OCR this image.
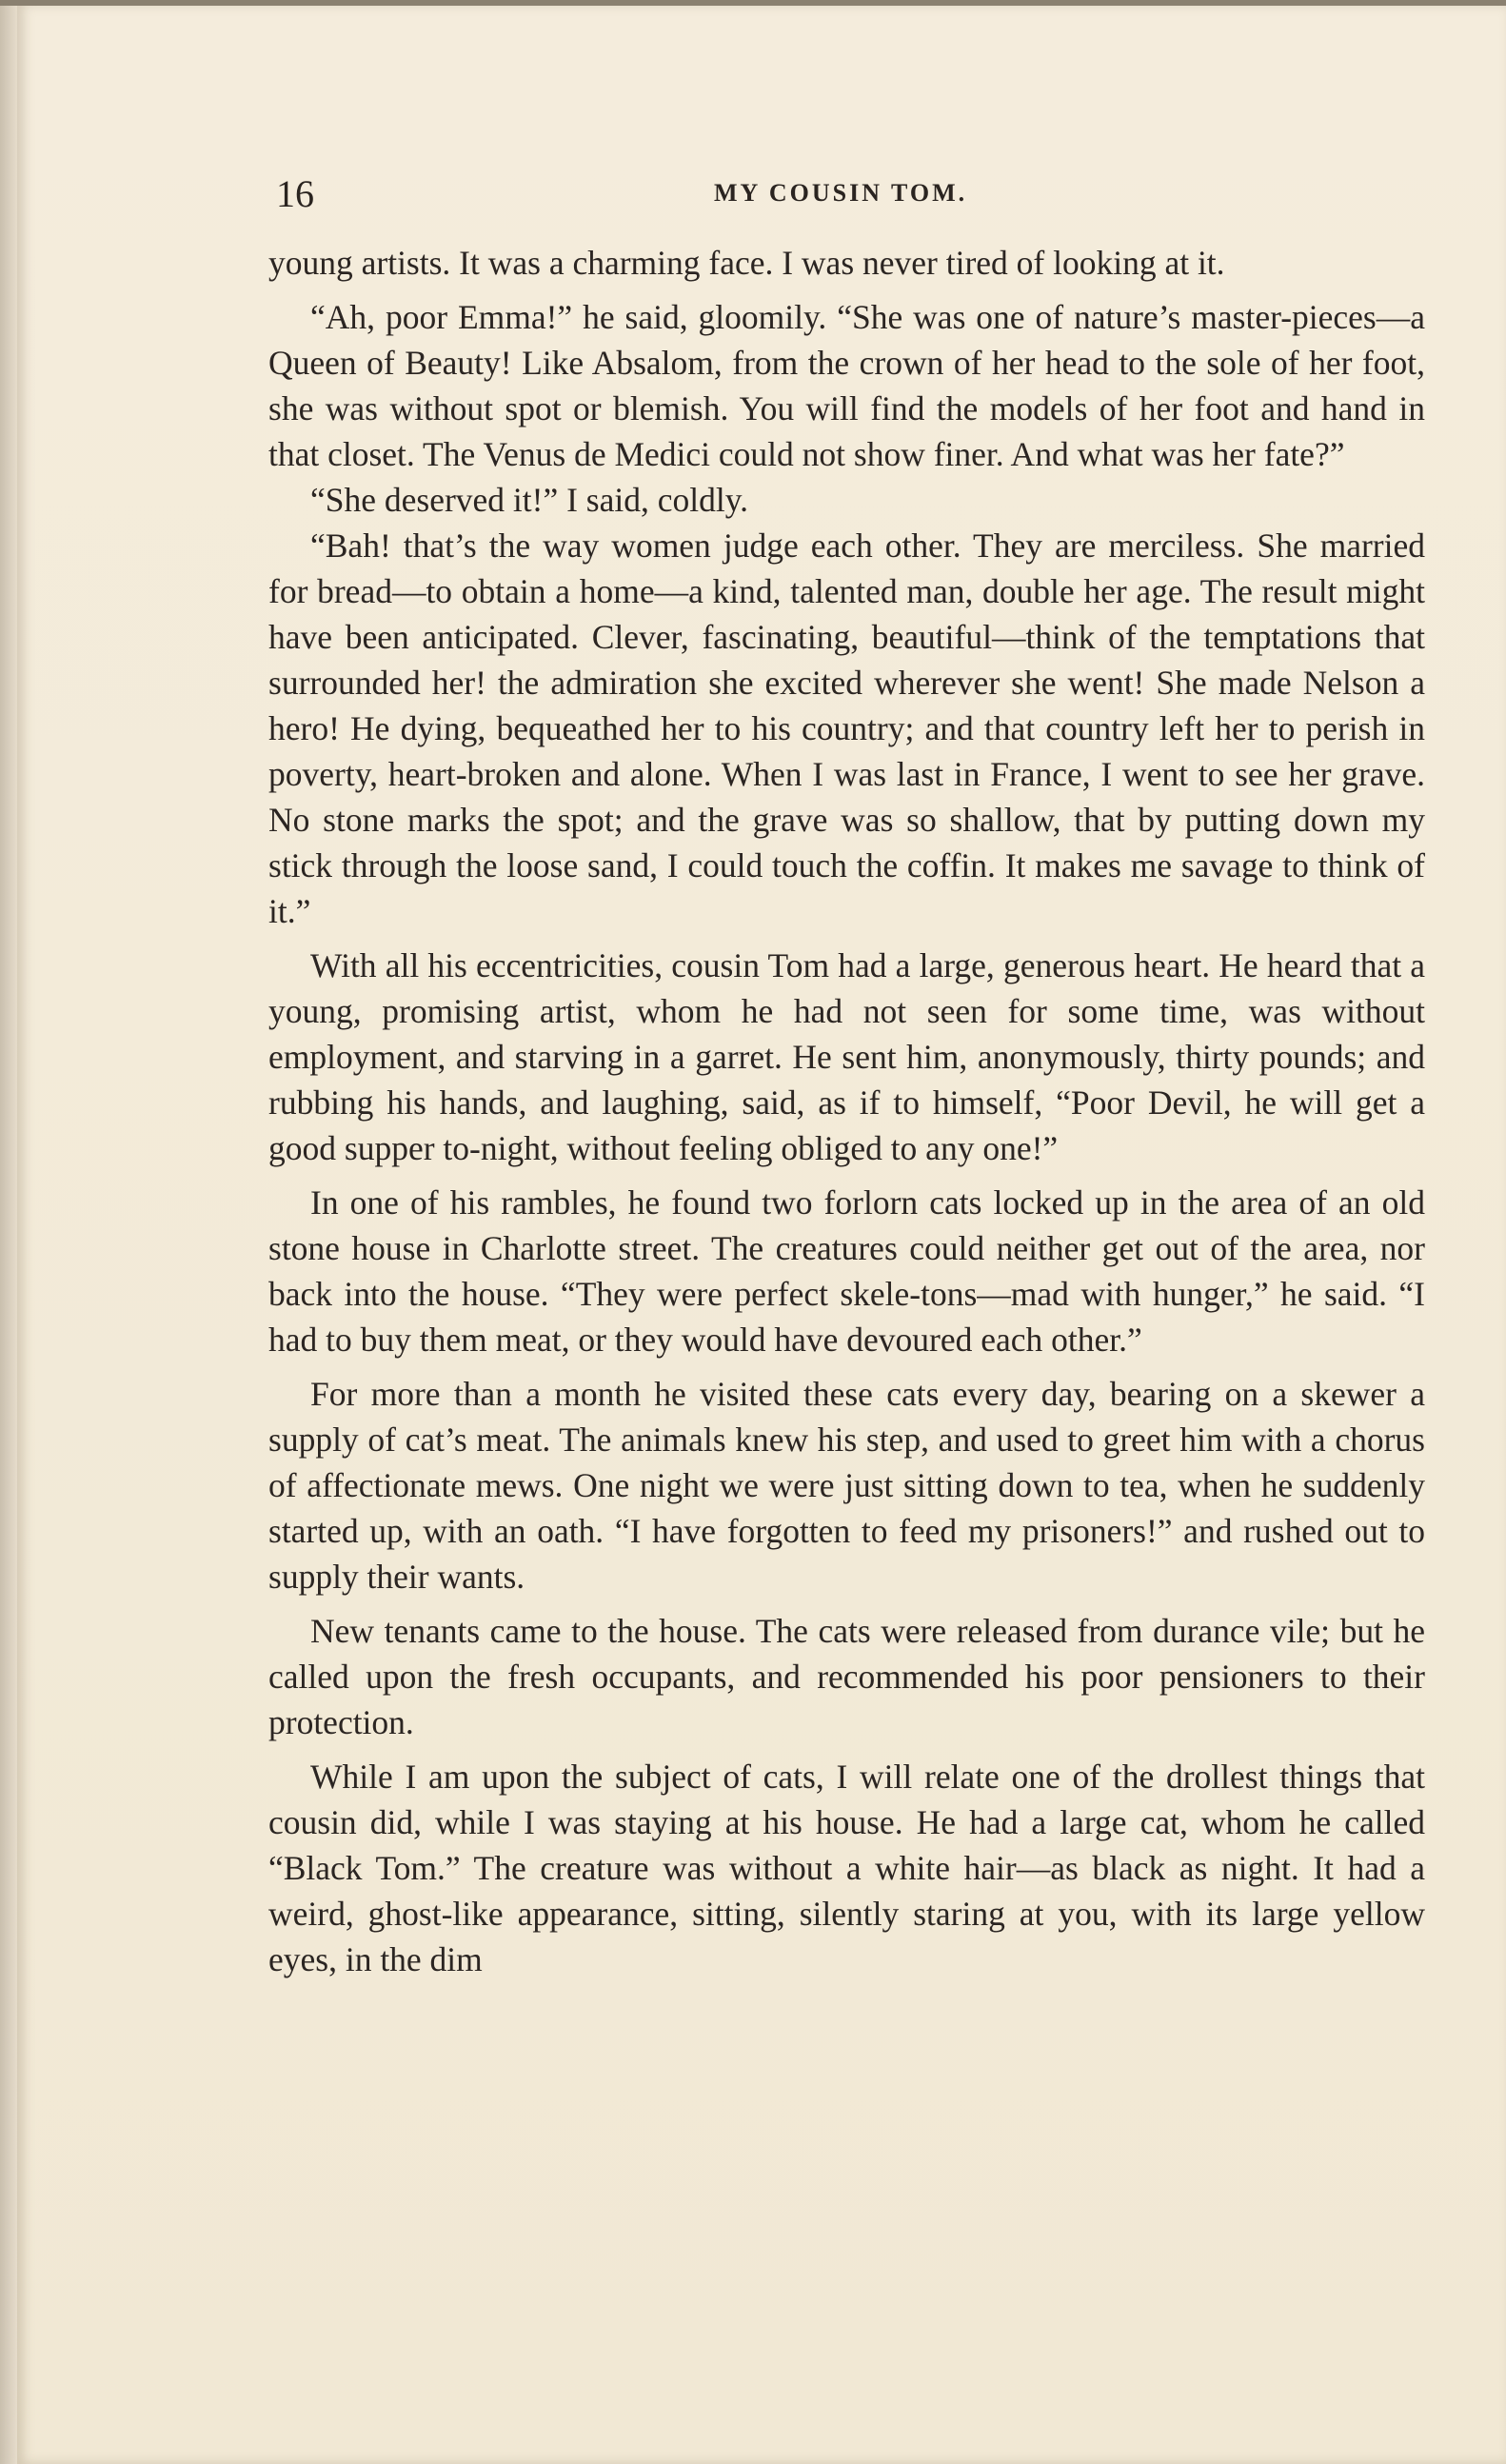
16	MY COUSIN TOM.

young artists. It was a charming face. I was never tired of looking at it.

“Ah, poor Emma!” he said, gloomily. “She was one of nature’s master-pieces—a Queen of Beauty! Like Absalom, from the crown of her head to the sole of her foot, she was without spot or blemish. You will find the models of her foot and hand in that closet. The Venus de Medici could not show finer. And what was her fate?”

“She deserved it!” I said, coldly.

“Bah! that’s the way women judge each other. They are merciless. She married for bread—to obtain a home—a kind, talented man, double her age. The result might have been anticipated. Clever, fascinating, beautiful—think of the temptations that surrounded her! the admiration she excited wherever she went! She made Nelson a hero! He dying, bequeathed her to his country; and that country left her to perish in poverty, heart-broken and alone. When I was last in France, I went to see her grave. No stone marks the spot; and the grave was so shallow, that by putting down my stick through the loose sand, I could touch the coffin. It makes me savage to think of it.”

With all his eccentricities, cousin Tom had a large, generous heart. He heard that a young, promising artist, whom he had not seen for some time, was without employment, and starving in a garret. He sent him, anonymously, thirty pounds; and rubbing his hands, and laughing, said, as if to himself, “Poor Devil, he will get a good supper to-night, without feeling obliged to any one!”

In one of his rambles, he found two forlorn cats locked up in the area of an old stone house in Charlotte street. The creatures could neither get out of the area, nor back into the house. “They were perfect skele-tons—mad with hunger,” he said. “I had to buy them meat, or they would have devoured each other.”

For more than a month he visited these cats every day, bearing on a skewer a supply of cat’s meat. The animals knew his step, and used to greet him with a chorus of affectionate mews. One night we were just sitting down to tea, when he suddenly started up, with an oath. “I have forgotten to feed my prisoners!” and rushed out to supply their wants.

New tenants came to the house. The cats were released from durance vile; but he called upon the fresh occupants, and recommended his poor pensioners to their protection.

While I am upon the subject of cats, I will relate one of the drollest things that cousin did, while I was staying at his house. He had a large cat, whom he called “Black Tom.” The creature was without a white hair—as black as night. It had a weird, ghost-like appearance, sitting, silently staring at you, with its large yellow eyes, in the dim
